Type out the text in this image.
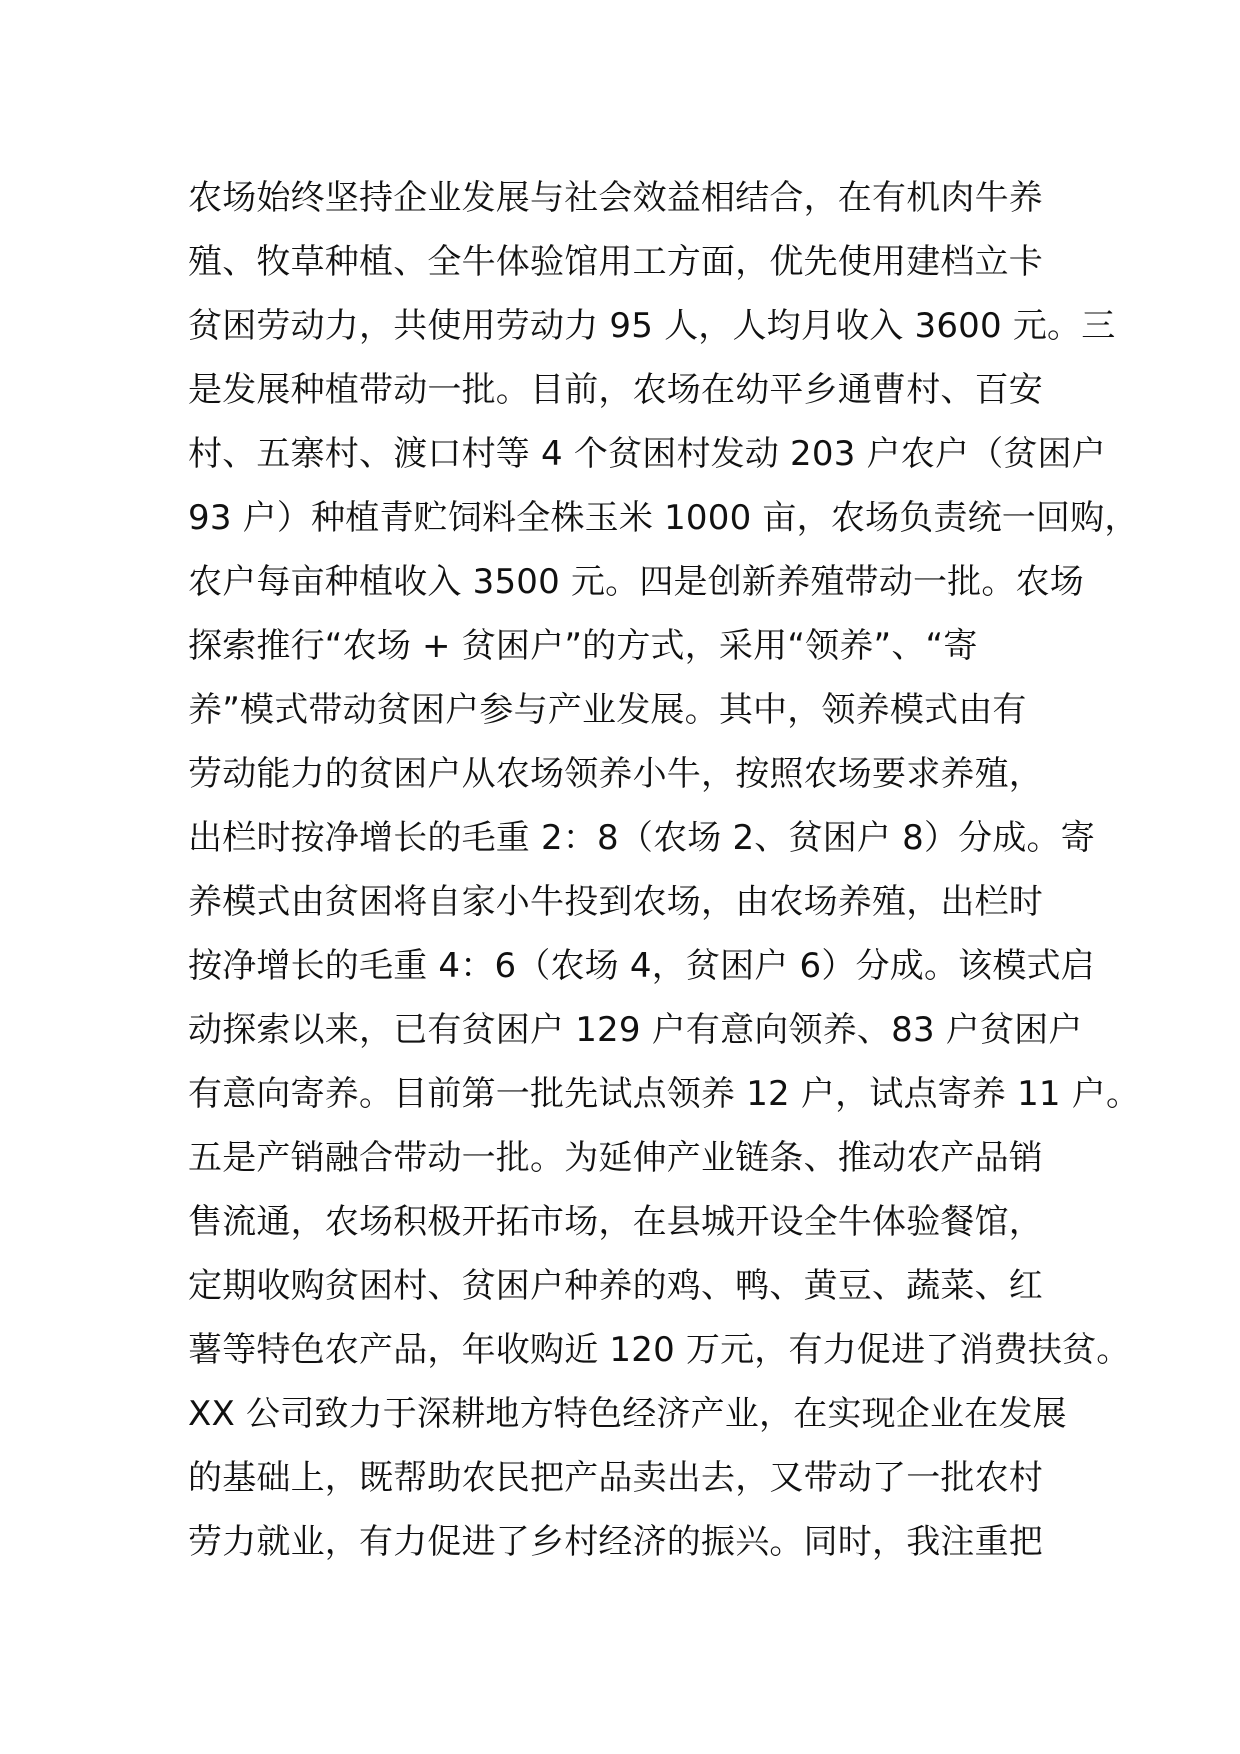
农场始终坚持企业发展与社会效益相结合，在有机肉牛养
殖、牧草种植、全牛体验馆用工方面，优先使用建档立卡
贫困劳动力，共使用劳动力 95 人，人均月收入 3600 元。三
是发展种植带动一批。目前，农场在幼平乡通曹村、百安
村、五寨村、渡口村等 4 个贫困村发动 203 户农户（贫困户
93 户）种植青贮饲料全株玉米 1000 亩，农场负责统一回购，
农户每亩种植收入 3500 元。四是创新养殖带动一批。农场
探索推行“农场 + 贫困户”的方式，采用“领养”、“寄
养”模式带动贫困户参与产业发展。其中，领养模式由有
劳动能力的贫困户从农场领养小牛，按照农场要求养殖，
出栏时按净增长的毛重 2：8（农场 2、贫困户 8）分成。寄
养模式由贫困将自家小牛投到农场，由农场养殖，出栏时
按净增长的毛重 4：6（农场 4，贫困户 6）分成。该模式启
动探索以来，已有贫困户 129 户有意向领养、83 户贫困户
有意向寄养。目前第一批先试点领养 12 户，试点寄养 11 户。
五是产销融合带动一批。为延伸产业链条、推动农产品销
售流通，农场积极开拓市场，在县城开设全牛体验餐馆，
定期收购贫困村、贫困户种养的鸡、鸭、黄豆、蔬菜、红
薯等特色农产品，年收购近 120 万元，有力促进了消费扶贫。
XX 公司致力于深耕地方特色经济产业，在实现企业在发展
的基础上，既帮助农民把产品卖出去，又带动了一批农村
劳力就业，有力促进了乡村经济的振兴。同时，我注重把
